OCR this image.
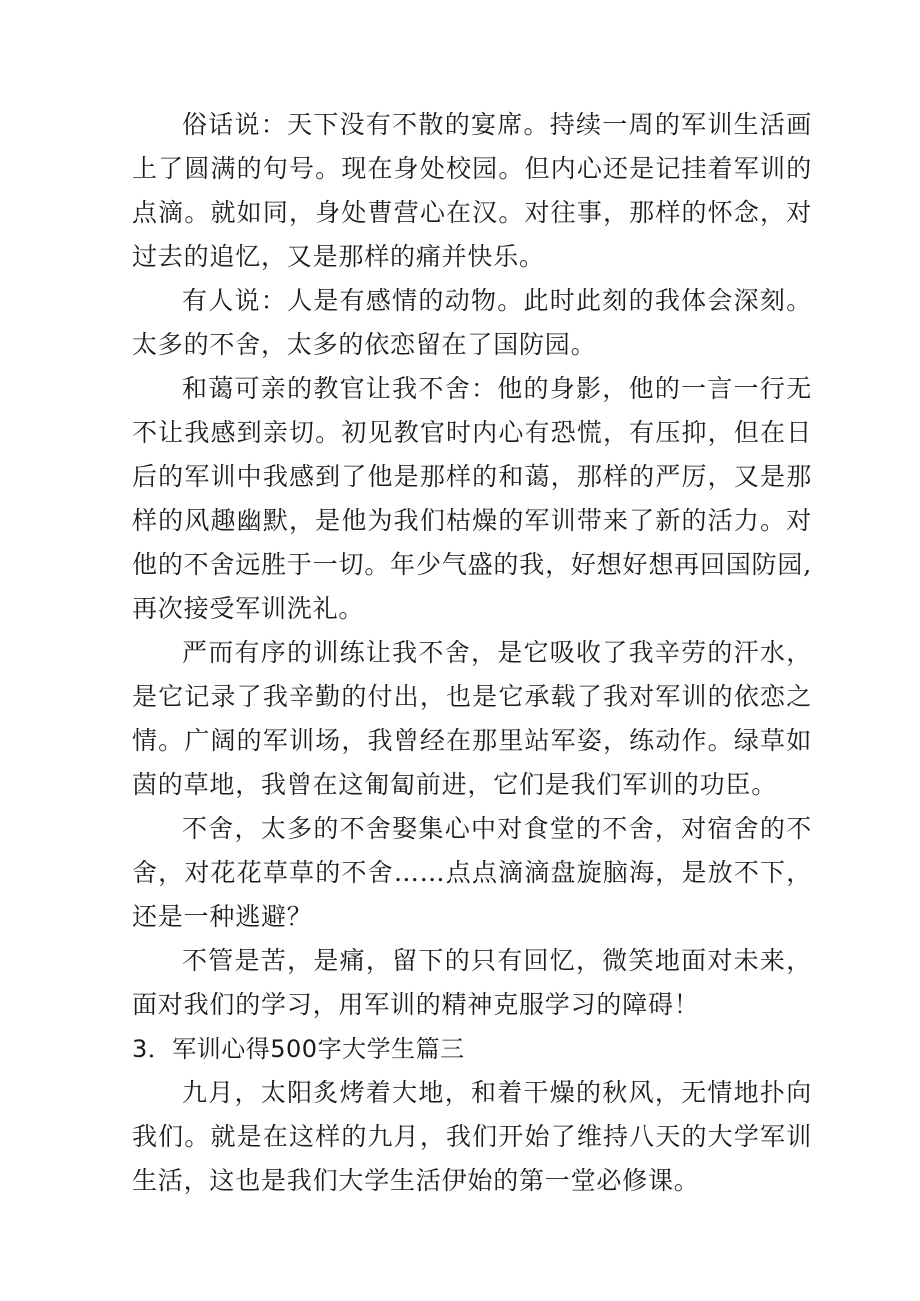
俗话说：天下没有不散的宴席。持续一周的军训生活画上了圆满的句号。现在身处校园。但内心还是记挂着军训的点滴。就如同，身处曹营心在汉。对往事，那样的怀念，对过去的追忆，又是那样的痛并快乐。

有人说：人是有感情的动物。此时此刻的我体会深刻。太多的不舍，太多的依恋留在了国防园。

和蔼可亲的教官让我不舍：他的身影，他的一言一行无不让我感到亲切。初见教官时内心有恐慌，有压抑，但在日后的军训中我感到了他是那样的和蔼，那样的严厉，又是那样的风趣幽默，是他为我们枯燥的军训带来了新的活力。对他的不舍远胜于一切。年少气盛的我，好想好想再回国防园,再次接受军训洗礼。

严而有序的训练让我不舍，是它吸收了我辛劳的汗水，是它记录了我辛勤的付出，也是它承载了我对军训的依恋之情。广阔的军训场，我曾经在那里站军姿，练动作。绿草如茵的草地，我曾在这匍匐前进，它们是我们军训的功臣。

不舍，太多的不舍娶集心中对食堂的不舍，对宿舍的不舍，对花花草草的不舍……点点滴滴盘旋脑海，是放不下，还是一种逃避？

不管是苦，是痛，留下的只有回忆，微笑地面对未来，面对我们的学习，用军训的精神克服学习的障碍！

3．军训心得500字大学生篇三

九月，太阳炙烤着大地，和着干燥的秋风，无情地扑向我们。就是在这样的九月，我们开始了维持八天的大学军训生活，这也是我们大学生活伊始的第一堂必修课。
